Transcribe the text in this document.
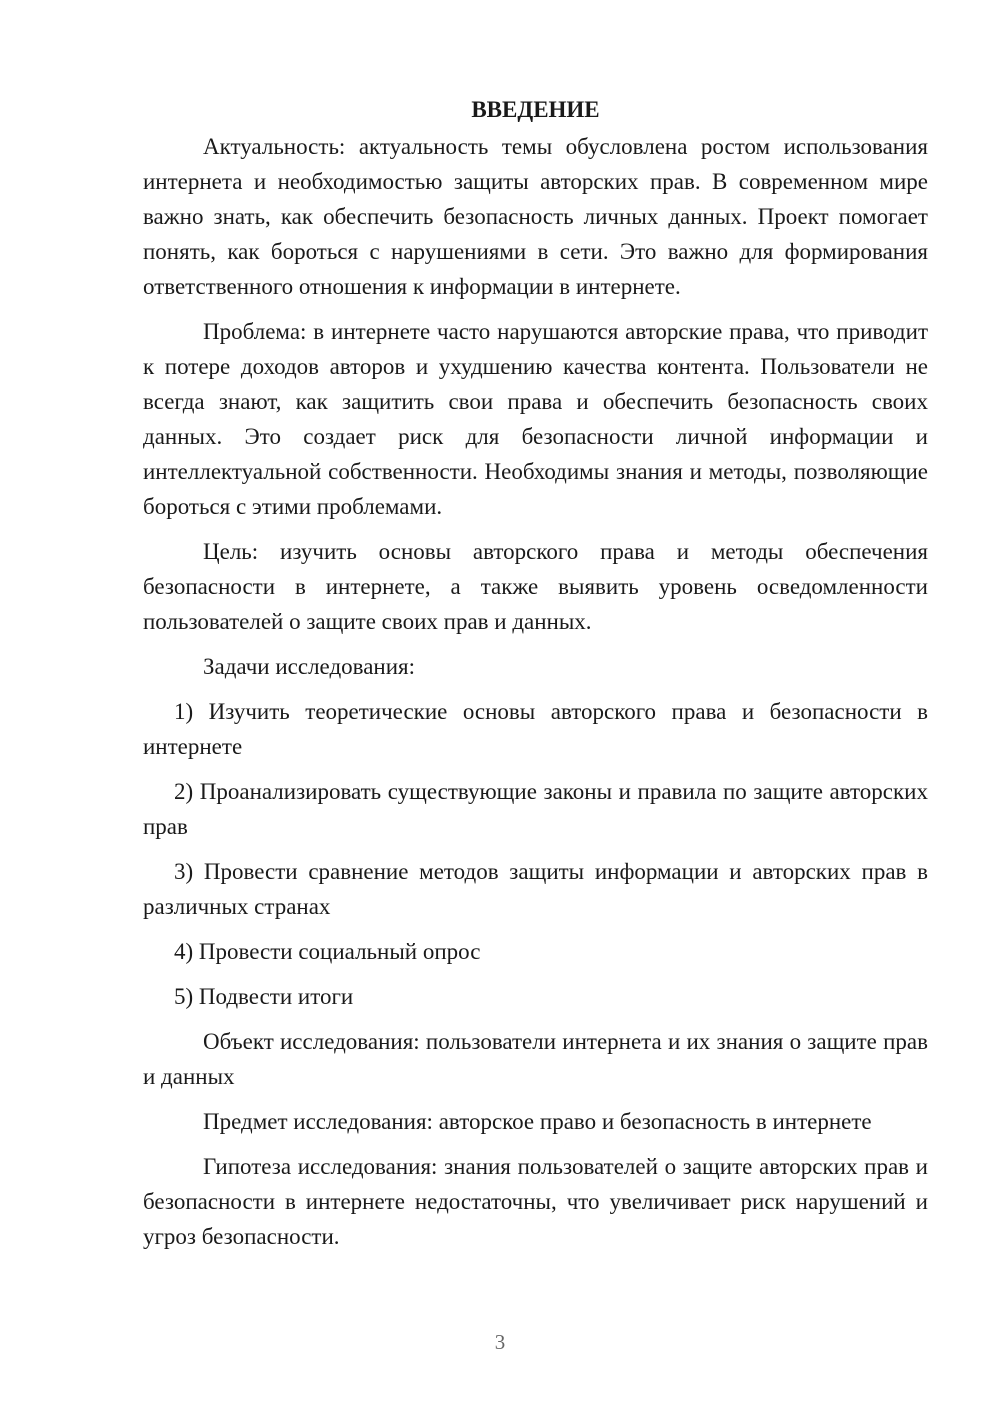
ВВЕДЕНИЕ

Актуальность: актуальность темы обусловлена ростом использования интернета и необходимостью защиты авторских прав. В современном мире важно знать, как обеспечить безопасность личных данных. Проект помогает понять, как бороться с нарушениями в сети. Это важно для формирования ответственного отношения к информации в интернете.

Проблема: в интернете часто нарушаются авторские права, что приводит к потере доходов авторов и ухудшению качества контента. Пользователи не всегда знают, как защитить свои права и обеспечить безопасность своих данных. Это создает риск для безопасности личной информации и интеллектуальной собственности. Необходимы знания и методы, позволяющие бороться с этими проблемами.

Цель: изучить основы авторского права и методы обеспечения безопасности в интернете, а также выявить уровень осведомленности пользователей о защите своих прав и данных.

Задачи исследования:

1) Изучить теоретические основы авторского права и безопасности в интернете

2) Проанализировать существующие законы и правила по защите авторских прав

3) Провести сравнение методов защиты информации и авторских прав в различных странах

4) Провести социальный опрос

5) Подвести итоги

Объект исследования: пользователи интернета и их знания о защите прав и данных

Предмет исследования: авторское право и безопасность в интернете

Гипотеза исследования: знания пользователей о защите авторских прав и безопасности в интернете недостаточны, что увеличивает риск нарушений и угроз безопасности.

3
